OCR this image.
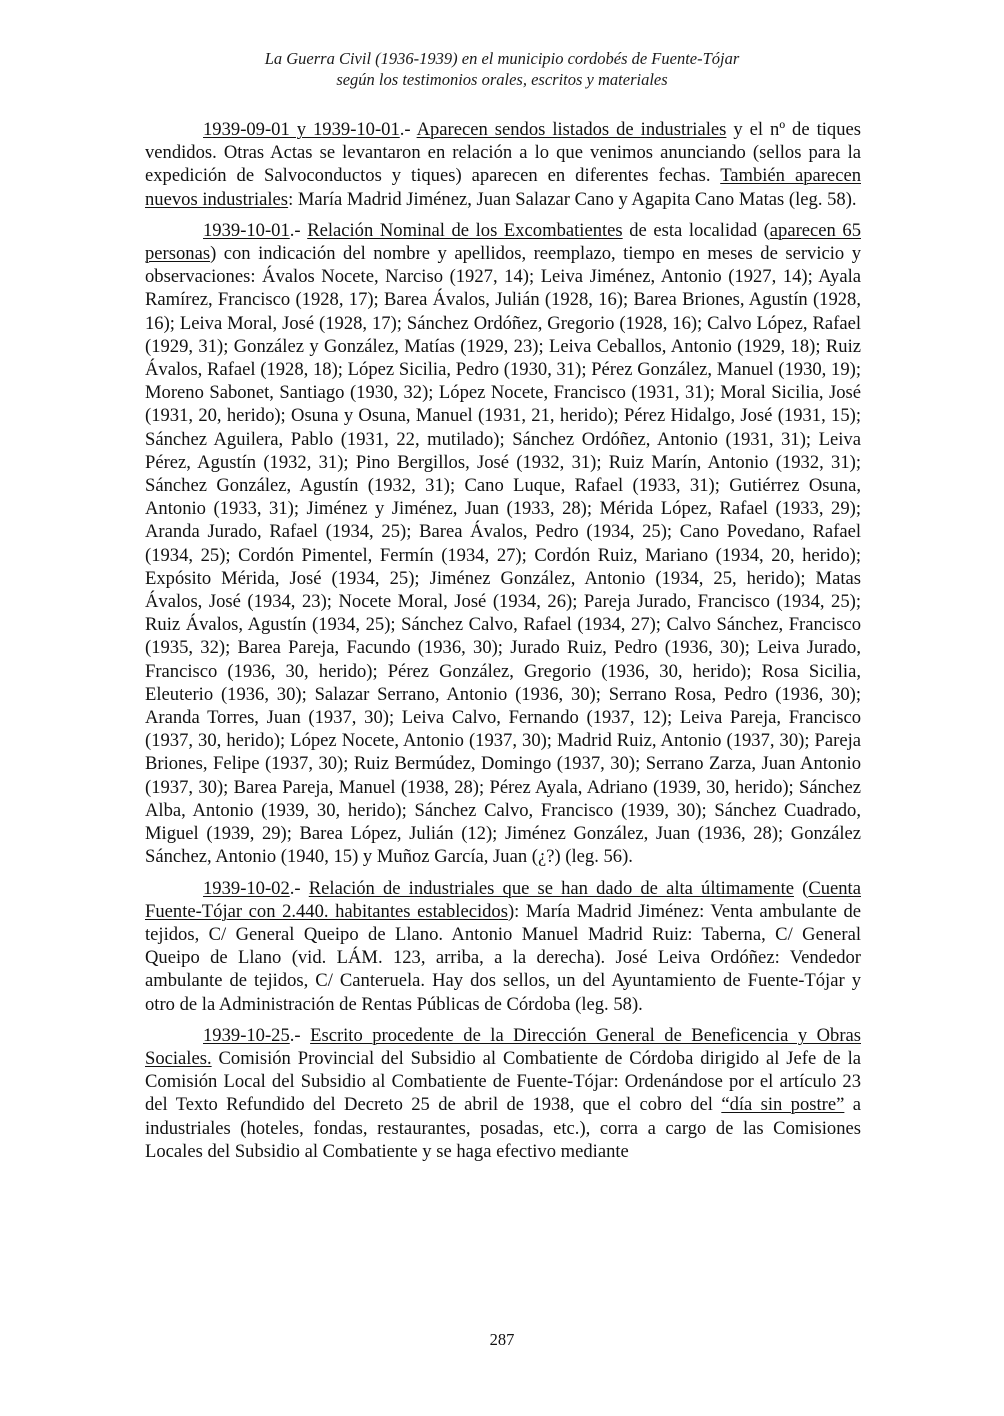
La Guerra Civil (1936-1939) en el municipio cordobés de Fuente-Tójar
según los testimonios orales, escritos y materiales

1939-09-01 y 1939-10-01.- Aparecen sendos listados de industriales y el nº de tiques vendidos. Otras Actas se levantaron en relación a lo que venimos anunciando (sellos para la expedición de Salvoconductos y tiques) aparecen en diferentes fechas. También aparecen nuevos industriales: María Madrid Jiménez, Juan Salazar Cano y Agapita Cano Matas (leg. 58).

1939-10-01.- Relación Nominal de los Excombatientes de esta localidad (aparecen 65 personas) con indicación del nombre y apellidos, reemplazo, tiempo en meses de servicio y observaciones: Ávalos Nocete, Narciso (1927, 14); Leiva Jiménez, Antonio (1927, 14); Ayala Ramírez, Francisco (1928, 17); Barea Ávalos, Julián (1928, 16); Barea Briones, Agustín (1928, 16); Leiva Moral, José (1928, 17); Sánchez Ordóñez, Gregorio (1928, 16); Calvo López, Rafael (1929, 31); González y González, Matías (1929, 23); Leiva Ceballos, Antonio (1929, 18); Ruiz Ávalos, Rafael (1928, 18); López Sicilia, Pedro (1930, 31); Pérez González, Manuel (1930, 19); Moreno Sabonet, Santiago (1930, 32); López Nocete, Francisco (1931, 31); Moral Sicilia, José (1931, 20, herido); Osuna y Osuna, Manuel (1931, 21, herido); Pérez Hidalgo, José (1931, 15); Sánchez Aguilera, Pablo (1931, 22, mutilado); Sánchez Ordóñez, Antonio (1931, 31); Leiva Pérez, Agustín (1932, 31); Pino Bergillos, José (1932, 31); Ruiz Marín, Antonio (1932, 31); Sánchez González, Agustín (1932, 31); Cano Luque, Rafael (1933, 31); Gutiérrez Osuna, Antonio (1933, 31); Jiménez y Jiménez, Juan (1933, 28); Mérida López, Rafael (1933, 29); Aranda Jurado, Rafael (1934, 25); Barea Ávalos, Pedro (1934, 25); Cano Povedano, Rafael (1934, 25); Cordón Pimentel, Fermín (1934, 27); Cordón Ruiz, Mariano (1934, 20, herido); Expósito Mérida, José (1934, 25); Jiménez González, Antonio (1934, 25, herido); Matas Ávalos, José (1934, 23); Nocete Moral, José (1934, 26); Pareja Jurado, Francisco (1934, 25); Ruiz Ávalos, Agustín (1934, 25); Sánchez Calvo, Rafael (1934, 27); Calvo Sánchez, Francisco (1935, 32); Barea Pareja, Facundo (1936, 30); Jurado Ruiz, Pedro (1936, 30); Leiva Jurado, Francisco (1936, 30, herido); Pérez González, Gregorio (1936, 30, herido); Rosa Sicilia, Eleuterio (1936, 30); Salazar Serrano, Antonio (1936, 30); Serrano Rosa, Pedro (1936, 30); Aranda Torres, Juan (1937, 30); Leiva Calvo, Fernando (1937, 12); Leiva Pareja, Francisco (1937, 30, herido); López Nocete, Antonio (1937, 30); Madrid Ruiz, Antonio (1937, 30); Pareja Briones, Felipe (1937, 30); Ruiz Bermúdez, Domingo (1937, 30); Serrano Zarza, Juan Antonio (1937, 30); Barea Pareja, Manuel (1938, 28); Pérez Ayala, Adriano (1939, 30, herido); Sánchez Alba, Antonio (1939, 30, herido); Sánchez Calvo, Francisco (1939, 30); Sánchez Cuadrado, Miguel (1939, 29); Barea López, Julián (12); Jiménez González, Juan (1936, 28); González Sánchez, Antonio (1940, 15) y Muñoz García, Juan (¿?) (leg. 56).

1939-10-02.- Relación de industriales que se han dado de alta últimamente (Cuenta Fuente-Tójar con 2.440. habitantes establecidos): María Madrid Jiménez: Venta ambulante de tejidos, C/ General Queipo de Llano. Antonio Manuel Madrid Ruiz: Taberna, C/ General Queipo de Llano (vid. LÁM. 123, arriba, a la derecha). José Leiva Ordóñez: Vendedor ambulante de tejidos, C/ Canteruela. Hay dos sellos, un del Ayuntamiento de Fuente-Tójar y otro de la Administración de Rentas Públicas de Córdoba (leg. 58).

1939-10-25.- Escrito procedente de la Dirección General de Beneficencia y Obras Sociales. Comisión Provincial del Subsidio al Combatiente de Córdoba dirigido al Jefe de la Comisión Local del Subsidio al Combatiente de Fuente-Tójar: Ordenándose por el artículo 23 del Texto Refundido del Decreto 25 de abril de 1938, que el cobro del “día sin postre” a industriales (hoteles, fondas, restaurantes, posadas, etc.), corra a cargo de las Comisiones Locales del Subsidio al Combatiente y se haga efectivo mediante

287
